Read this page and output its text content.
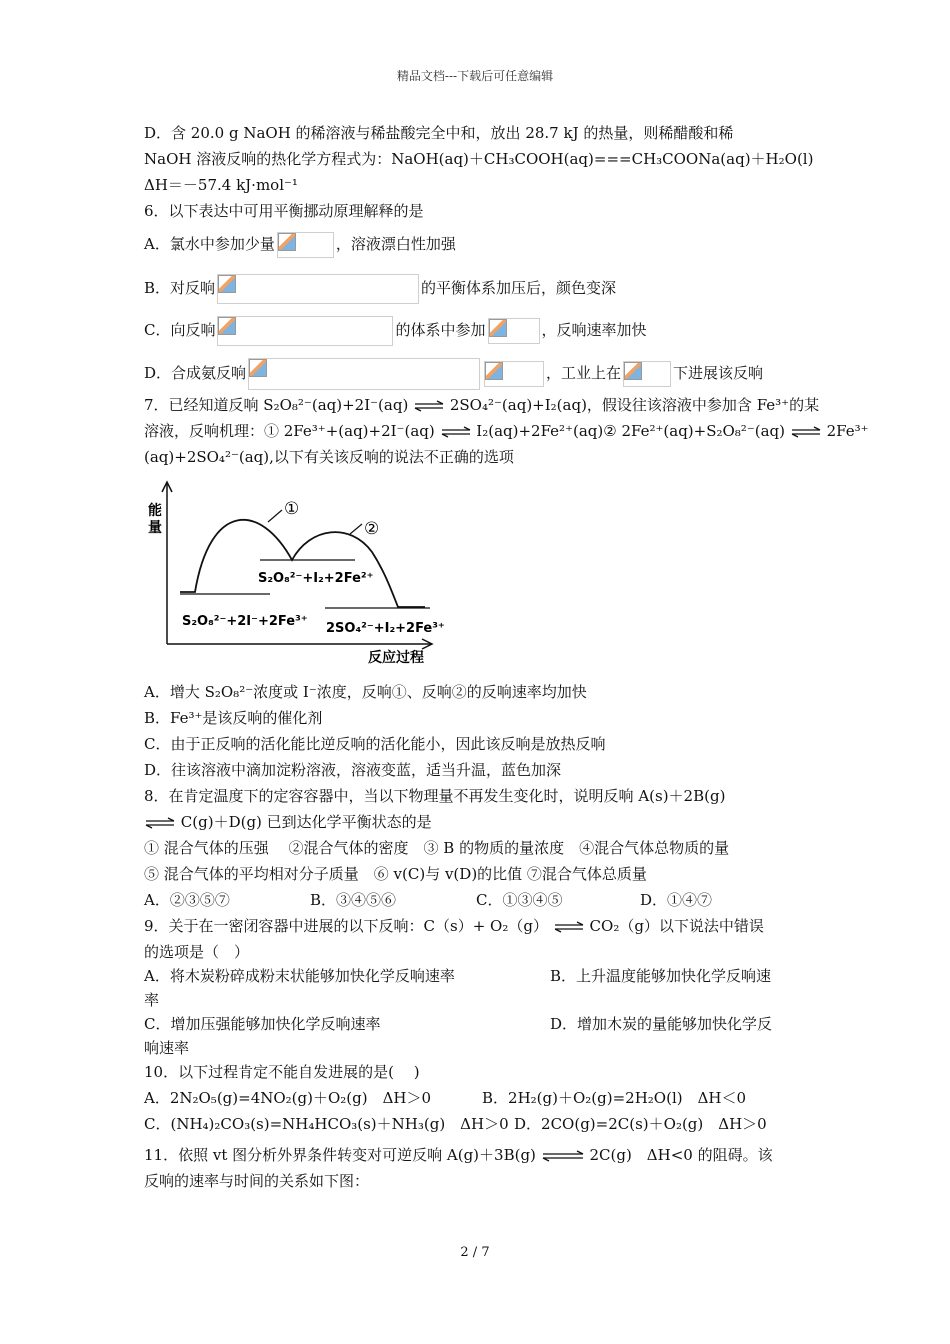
精品文档---下载后可任意编辑
D．含 20.0 g NaOH 的稀溶液与稀盐酸完全中和，放出 28.7 kJ 的热量，则稀醋酸和稀
NaOH 溶液反响的热化学方程式为：NaOH(aq)＋CH₃COOH(aq)===CH₃COONa(aq)＋H₂O(l)
ΔH＝－57.4 kJ·mol⁻¹
6．以下表达中可用平衡挪动原理解释的是
A．氯水中参加少量	，溶液漂白性加强
B．对反响	的平衡体系加压后，颜色变深
C．向反响	的体系中参加	，反响速率加快
D．合成氨反响	，工业上在	下进展该反响
7．已经知道反响 S₂O₈²⁻(aq)+2I⁻(aq) ⇌ 2SO₄²⁻(aq)+I₂(aq)，假设往该溶液中参加含 Fe³⁺的某
溶液，反响机理：① 2Fe³⁺+(aq)+2I⁻(aq) ⇌ I₂(aq)+2Fe²⁺(aq)② 2Fe²⁺(aq)+S₂O₈²⁻(aq) ⇌ 2Fe³⁺
(aq)+2SO₄²⁻(aq),以下有关该反响的说法不正确的选项
能
量
反应过程
①
②
S₂O₈²⁻+I₂+2Fe²⁺
S₂O₈²⁻+2I⁻+2Fe³⁺ 2SO₄²⁻+I₂+2Fe³⁺
A．增大 S₂O₈²⁻浓度或 I⁻浓度，反响①、反响②的反响速率均加快
B．Fe³⁺是该反响的催化剂
C．由于正反响的活化能比逆反响的活化能小，因此该反响是放热反响
D．往该溶液中滴加淀粉溶液，溶液变蓝，适当升温，蓝色加深
8．在肯定温度下的定容容器中，当以下物理量不再发生变化时，说明反响 A(s)＋2B(g)
⇌ C(g)＋D(g) 已到达化学平衡状态的是
① 混合气体的压强　 ②混合气体的密度　③ B 的物质的量浓度　④混合气体总物质的量
⑤ 混合气体的平均相对分子质量　⑥ v(C)与 v(D)的比值 ⑦混合气体总质量
A．②③⑤⑦	B．③④⑤⑥	C．①③④⑤	D．①④⑦
9．关于在一密闭容器中进展的以下反响：C（s）+ O₂（g） ⇌ CO₂（g）以下说法中错误
的选项是（　）
A．将木炭粉碎成粉末状能够加快化学反响速率	B．上升温度能够加快化学反响速
率
C．增加压强能够加快化学反响速率	D．增加木炭的量能够加快化学反
响速率
10．以下过程肯定不能自发进展的是(　 )
A．2N₂O₅(g)=4NO₂(g)＋O₂(g)　ΔH＞0	B．2H₂(g)＋O₂(g)=2H₂O(l)　ΔH＜0
C．(NH₄)₂CO₃(s)=NH₄HCO₃(s)＋NH₃(g)　ΔH＞0 D．2CO(g)=2C(s)＋O₂(g)　ΔH＞0
11．依照 vt 图分析外界条件转变对可逆反响 A(g)＋3B(g) ⇌ 2C(g)　ΔH<0 的阻碍。该
反响的速率与时间的关系如下图：
2 / 7
